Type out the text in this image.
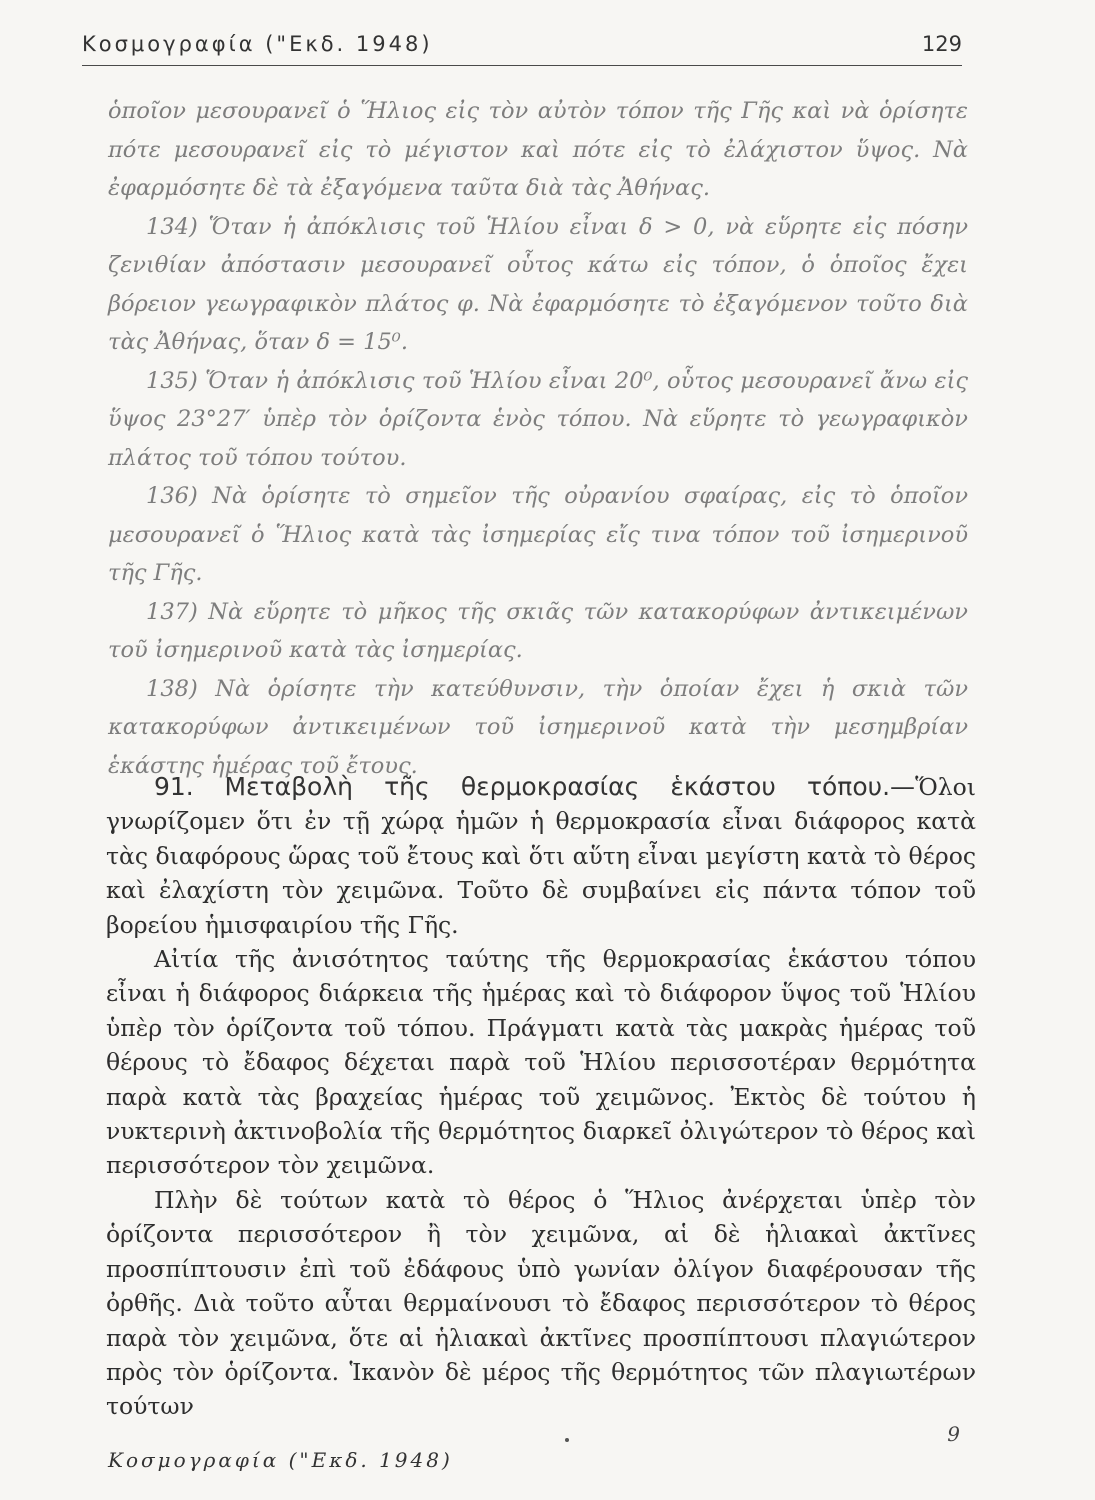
Κοσμογραφία ("Εκδ. 1948)	129

ὁποῖον μεσουρανεῖ ὁ Ἥλιος εἰς τὸν αὐτὸν τόπον τῆς Γῆς καὶ νὰ ὁρίσητε πότε μεσουρανεῖ εἰς τὸ μέγιστον καὶ πότε εἰς τὸ ἐλάχιστον ὕψος. Νὰ ἐφαρμόσητε δὲ τὰ ἐξαγόμενα ταῦτα διὰ τὰς Ἀθήνας.

134) Ὅταν ἡ ἀπόκλισις τοῦ Ἡλίου εἶναι δ > 0, νὰ εὕρητε εἰς πόσην ζενιθίαν ἀπόστασιν μεσουρανεῖ οὗτος κάτω εἰς τόπον, ὁ ὁποῖος ἔχει βόρειον γεωγραφικὸν πλάτος φ. Νὰ ἐφαρμόσητε τὸ ἐξαγόμενον τοῦτο διὰ τὰς Ἀθήνας, ὅταν δ = 15⁰.

135) Ὅταν ἡ ἀπόκλισις τοῦ Ἡλίου εἶναι 20⁰, οὗτος μεσουρανεῖ ἄνω εἰς ὕψος 23°27′ ὑπὲρ τὸν ὁρίζοντα ἑνὸς τόπου. Νὰ εὕρητε τὸ γεωγραφικὸν πλάτος τοῦ τόπου τούτου.

136) Νὰ ὁρίσητε τὸ σημεῖον τῆς οὐρανίου σφαίρας, εἰς τὸ ὁποῖον μεσουρανεῖ ὁ Ἥλιος κατὰ τὰς ἰσημερίας εἴς τινα τόπον τοῦ ἰσημερινοῦ τῆς Γῆς.

137) Νὰ εὕρητε τὸ μῆκος τῆς σκιᾶς τῶν κατακορύφων ἀντικειμένων τοῦ ἰσημερινοῦ κατὰ τὰς ἰσημερίας.

138) Νὰ ὁρίσητε τὴν κατεύθυνσιν, τὴν ὁποίαν ἔχει ἡ σκιὰ τῶν κατακορύφων ἀντικειμένων τοῦ ἰσημερινοῦ κατὰ τὴν μεσημβρίαν ἑκάστης ἡμέρας τοῦ ἔτους.

91. Μεταβολὴ τῆς θερμοκρασίας ἑκάστου τόπου.—Ὅλοι γνωρίζομεν ὅτι ἐν τῇ χώρᾳ ἡμῶν ἡ θερμοκρασία εἶναι διάφορος κατὰ τὰς διαφόρους ὥρας τοῦ ἔτους καὶ ὅτι αὕτη εἶναι μεγίστη κατὰ τὸ θέρος καὶ ἐλαχίστη τὸν χειμῶνα. Τοῦτο δὲ συμβαίνει εἰς πάντα τόπον τοῦ βορείου ἡμισφαιρίου τῆς Γῆς.

Αἰτία τῆς ἀνισότητος ταύτης τῆς θερμοκρασίας ἑκάστου τόπου εἶναι ἡ διάφορος διάρκεια τῆς ἡμέρας καὶ τὸ διάφορον ὕψος τοῦ Ἡλίου ὑπὲρ τὸν ὁρίζοντα τοῦ τόπου. Πράγματι κατὰ τὰς μακρὰς ἡμέρας τοῦ θέρους τὸ ἔδαφος δέχεται παρὰ τοῦ Ἡλίου περισσοτέραν θερμότητα παρὰ κατὰ τὰς βραχείας ἡμέρας τοῦ χειμῶνος. Ἐκτὸς δὲ τούτου ἡ νυκτερινὴ ἀκτινοβολία τῆς θερμότητος διαρκεῖ ὀλιγώτερον τὸ θέρος καὶ περισσότερον τὸν χειμῶνα.

Πλὴν δὲ τούτων κατὰ τὸ θέρος ὁ Ἥλιος ἀνέρχεται ὑπὲρ τὸν ὁρίζοντα περισσότερον ἢ τὸν χειμῶνα, αἱ δὲ ἡλιακαὶ ἀκτῖνες προσπίπτουσιν ἐπὶ τοῦ ἐδάφους ὑπὸ γωνίαν ὀλίγον διαφέρουσαν τῆς ὀρθῆς. Διὰ τοῦτο αὗται θερμαίνουσι τὸ ἔδαφος περισσότερον τὸ θέρος παρὰ τὸν χειμῶνα, ὅτε αἱ ἡλιακαὶ ἀκτῖνες προσπίπτουσι πλαγιώτερον πρὸς τὸν ὁρίζοντα. Ἱκανὸν δὲ μέρος τῆς θερμότητος τῶν πλαγιωτέρων τούτων

Κοσμογραφία ("Εκδ. 1948)
9
